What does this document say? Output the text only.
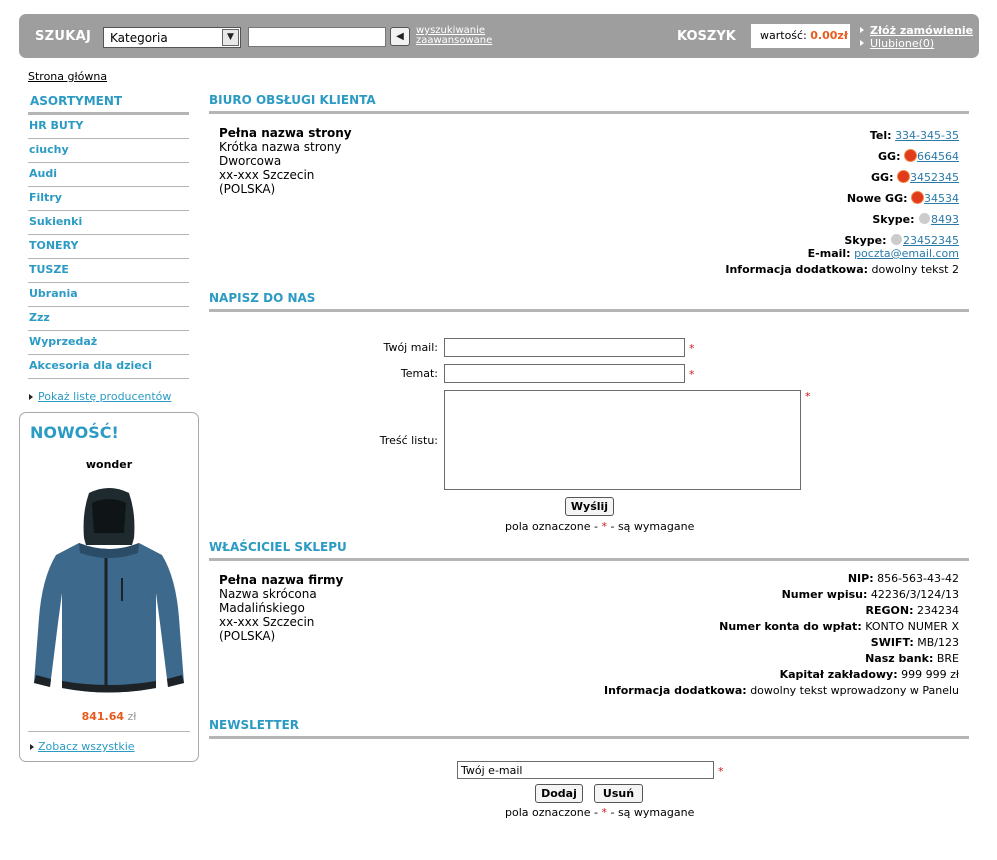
SZUKAJ	Kategoria	▼	◀
wyszukiwanie
zaawansowane	KOSZYK	wartość: 0.00zł	Złóż zamówienie
Ulubione(0)
Strona główna
ASORTYMENT
HR BUTY
ciuchy
Audi
Filtry
Sukienki
TONERY
TUSZE
Ubrania
Zzz
Wyprzedaż
Akcesoria dla dzieci
Pokaż listę producentów
NOWOŚĆ!
wonder
841.64 zł
Zobacz wszystkie
BIURO OBSŁUGI KLIENTA
Pełna nazwa strony
Krótka nazwa strony
Dworcowa
xx-xxx Szczecin
(POLSKA)
Tel: 334-345-35
GG: 664564
GG: 3452345
Nowe GG: 34534
Skype: 8493
Skype: 23452345
E-mail: poczta@email.com
Informacja dodatkowa: dowolny tekst 2
NAPISZ DO NAS
Twój mail:	*
Temat:	*
Treść listu:
*
Wyślij
pola oznaczone - * - są wymagane
WŁAŚCICIEL SKLEPU
Pełna nazwa firmy
Nazwa skrócona
Madalińskiego
xx-xxx Szczecin
(POLSKA)
NIP: 856-563-43-42
Numer wpisu: 42236/3/124/13
REGON: 234234
Numer konta do wpłat: KONTO NUMER X
SWIFT: MB/123
Nasz bank: BRE
Kapitał zakładowy: 999 999 zł
Informacja dodatkowa: dowolny tekst wprowadzony w Panelu
NEWSLETTER
Twój e-mail	*
Dodaj	Usuń
pola oznaczone - * - są wymagane
